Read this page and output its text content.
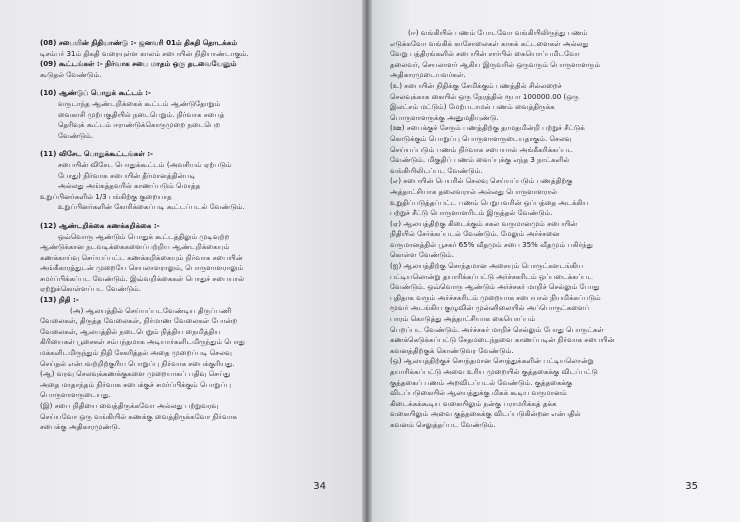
(08) சபையின் நிதியாண்டு :- ஜனவரி 01ம் திகதி தொடக்கம்
டிசம்பர் 31ம் திகதி வரையுள்ள காலம் சபையின் நிதியாண்டாகும்.
(09) கூட்டங்கள் :- நிர்வாக சபை மாதம் ஒரு தடவையேனும்
கூடுதல் வேண்டும்.
(10) ஆண்டுப் பொதுக் கூட்டம் :-
வருடாந்த ஆண்டறிக்கைக் கூட்டம் ஆண்டுதோறும்
வைகாசி முற்பகுதியில் நடைபெறும். நிர்வாக சபைத்
தெரிவுக் கூட்டம் ஈராண்டுக்கொருமுறை நடைபெற
வேண்டும்.
(11) விசேட பொதுக்கூட்டங்கள் :-
சபையின் விசேட பொதுக்கூட்டம் (அவசியம் ஏற்படும்
போது) நிர்வாக சபையின் தீர்மானத்தின்படி
அல்லது அங்கத்தவரில் காணப்படும் மொத்த
உறுப்பினர்களில் 1/3 பங்கிற்கு குறையாத
உறுப்பினர்களின் கோரிக்கைப்படி கூட்டப்படல் வேண்டும்.
(12) ஆண்டறிக்கை கணக்கறிக்கை :-
ஒவ்வொரு ஆண்டும் பொதுக் கூட்டத்திலும் முடிவுற்ற
ஆண்டுக்கான நடவடிக்கைகளைப்பற்றிய ஆண்டறிக்கையும்
கணக்காய்வு செய்யப்பட்ட கணக்கறிக்கையும் நிர்வாக சபையின்
அங்கீகாரத்துடன் முறையே செயலாளராலும், பொருளாளராலும்
சமர்ப்பிக்கப்பட வேண்டும். இவ்வறிக்கைகள் பொதுச் சபையால்
ஏற்றுக்கொள்ளப்பட வேண்டும்.
(13) நிதி :-
(அ) ஆலயத்தில் செய்யப்படவேண்டிய திருப்பணி
வேலைகள், திருத்த வேலைகள், நிர்மாண வேலைகள் போன்ற
வேலைகள், ஆலயத்தில் நடைபெறும் நித்திய நைமித்திய
கிரியைகள் பூசைகள் சம்பந்தமாக அடியார்களிடமிருந்தும் பொது
மக்களிடமிருந்தும் நிதி சேகரித்தல் அதை முறைப்படி செலவு
செய்தல் என்பவற்றிற்குரிய பொறுப்பு நிர்வாக சபைக்குரியது.
(ஆ) வரவு செலவுக்கணக்குகளை முறையாகப் பதிவு செய்து
அதை மாதாந்தம் நிர்வாக சபைக்குச் சமர்ப்பிக்கும் பொறுப்பு
பொருளாளருடையது.
(இ) சபை நிதியை வைத்திருக்கவோ அல்லது பற்றுவரவு
செய்யவோ ஒரு வங்கியில் கணக்கு வைத்திருக்கவோ நிர்வாக
சபைக்கு அதிகாரமுண்டு.
34
(ஈ) வங்கியில் பணம் போடவோ வங்கியிலிருந்து பணம்
எடுக்கவோ வங்கிக் காசோலைகள் காசுக் கட்டளைகள் அல்லது
வேறு பத்திரங்களில் சபையின் சார்பில் கையொப்பமிடவோ
தலைவர், செயலாளர் ஆகிய இருவரில் ஒருவரும் பொருளாளரும்
அதிகாரமுடையவர்கள்.
(உ) சபையின் நிதிக்கு சேமிக்கும் பணத்தில் சில்லறைச்
செலவுக்காக கையில் ஒரு நேரத்தில் ரூபா 100000.00 (ஒரு
இலட்சம் மட்டும்) மேற்படாமல் பணம் வைத்திருக்க
பொருளாளருக்கு அனுமதியுண்டு.
(ஊ) சபைக்குச் சேரும் பணத்திற்கு தாமதமின்றி பற்றுச் சீட்டுக்
கொடுக்கும் பொறுப்பு பொருளாளருடையதாகும். செலவு
செய்யப்படும் பணம் நிர்வாக சபையால் அங்கீகரிக்கப்பட
வேண்டும். மிகுதிப் பணம் வைப்புக்கு எந்த 3 நாட்களில்
வங்கியிலிடப்பட வேண்டும்.
(எ) சபையின் பெயரில் செலவு செய்யப்படும் பணத்திற்கு
அத்தாட்சியாக தலைவரால் அல்லது பொருளாளரால்
உறுதிப்படுத்தப்பட்ட பணம் பெறுபவரின் ஒப்பத்தை அடக்கிய
பற்றுச் சீட்டு பொருளாளரிடம் இருத்தல் வேண்டும்.
(ஏ) ஆலயத்திற்கு கிடைக்கும் சகல வருமானமும் சபையின்
நிதியில் சேர்க்கப்படல் வேண்டும். மேலும் அர்ச்சனை
வருமானத்தில் பூசகர் 65% வீதமும் சபை 35% வீதமும் பகிர்ந்து
கொள்ள வேண்டும்.
(ஐ) ஆலயத்திற்கு சொந்தமான அசையும் பொருட்களடங்கிய
பட்டியலொன்று தயாரிக்கப்பட்டு அர்ச்சகரிடம் ஒப்படைக்கப்பட
வேண்டும். ஒவ்வொரு ஆண்டும் அர்ச்சகர் மாறிச் செல்லும் போது
புதிதாக வரும் அர்ச்சகரிடம் முறையாக சபையால் நியமிக்கப்படும்
மூவர் அடங்கிய குழுவின் முன்னிலையில் அப்பொருட்களைப்
பாரம் கொடுத்து அத்தாட்சியாக கையொப்பம்
பெறப்பட வேண்டும். அர்ச்சகர் மாறிச் செல்லும் போது பொருட்கள்
கணக்கெடுக்கப்பட்டு சேதமடைந்தவை காணப்படின் நிர்வாக சபையின்
கவனத்திற்குக் கொண்டுவர வேண்டும்.
(ஒ) ஆலயத்திற்குச் சொந்தமான சொத்துக்களின் பட்டியலொன்று
தயாரிக்கப்பட்டு அவை உரிய முறையில் குத்தகைக்கு விடப்பட்டு
குத்தகைப் பணம் அறவிடப்படல் வேண்டும். குத்தகைக்கு
விடப்படுகையில் ஆலயத்துக்கு மிகக் கூடிய வருமானம்
கிடைக்கக்கூடிய வகையிலும் நன்கு பராமரிக்கத் தக்க
வகையிலும் அவை குத்தகைக்கு விடப்படுகின்றன என்பதில்
கவனம் செலுத்தப்பட வேண்டும்.
35
